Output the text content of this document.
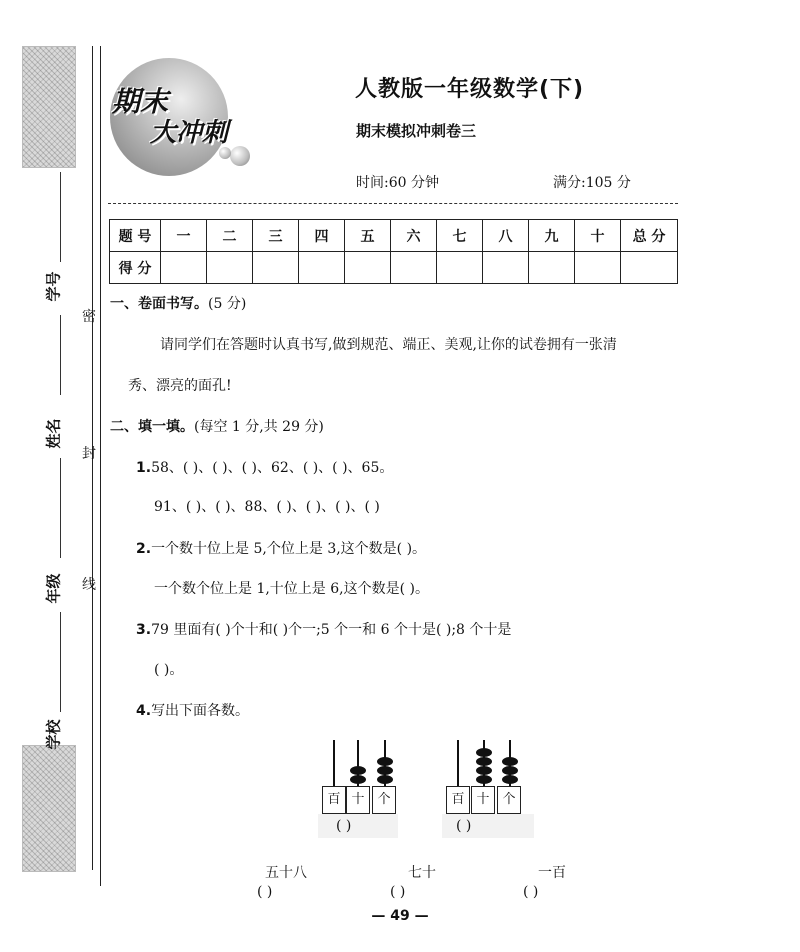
学号
姓名
年级
学校
密
封
线
期末
大冲刺
人教版一年级数学(下)
期末模拟冲刺卷三
时间:60 分钟	满分:105 分
题 号	一	二	三	四	五	六	七	八	九	十	总 分
得 分											
一、卷面书写。(5 分)
请同学们在答题时认真书写,做到规范、端正、美观,让你的试卷拥有一张清
秀、漂亮的面孔!
二、填一填。(每空 1 分,共 29 分)
1.58、( )、( )、( )、62、( )、( )、65。
91、( )、( )、88、( )、( )、( )、( )
2.一个数十位上是 5,个位上是 3,这个数是( )。
一个数个位上是 1,十位上是 6,这个数是( )。
3.79 里面有( )个十和( )个一;5 个一和 6 个十是( );8 个十是
( )。
4.写出下面各数。
百 十 个
( )
百 十 个
( )
五十八
( )
七十
( )
一百
( )
— 49 —
